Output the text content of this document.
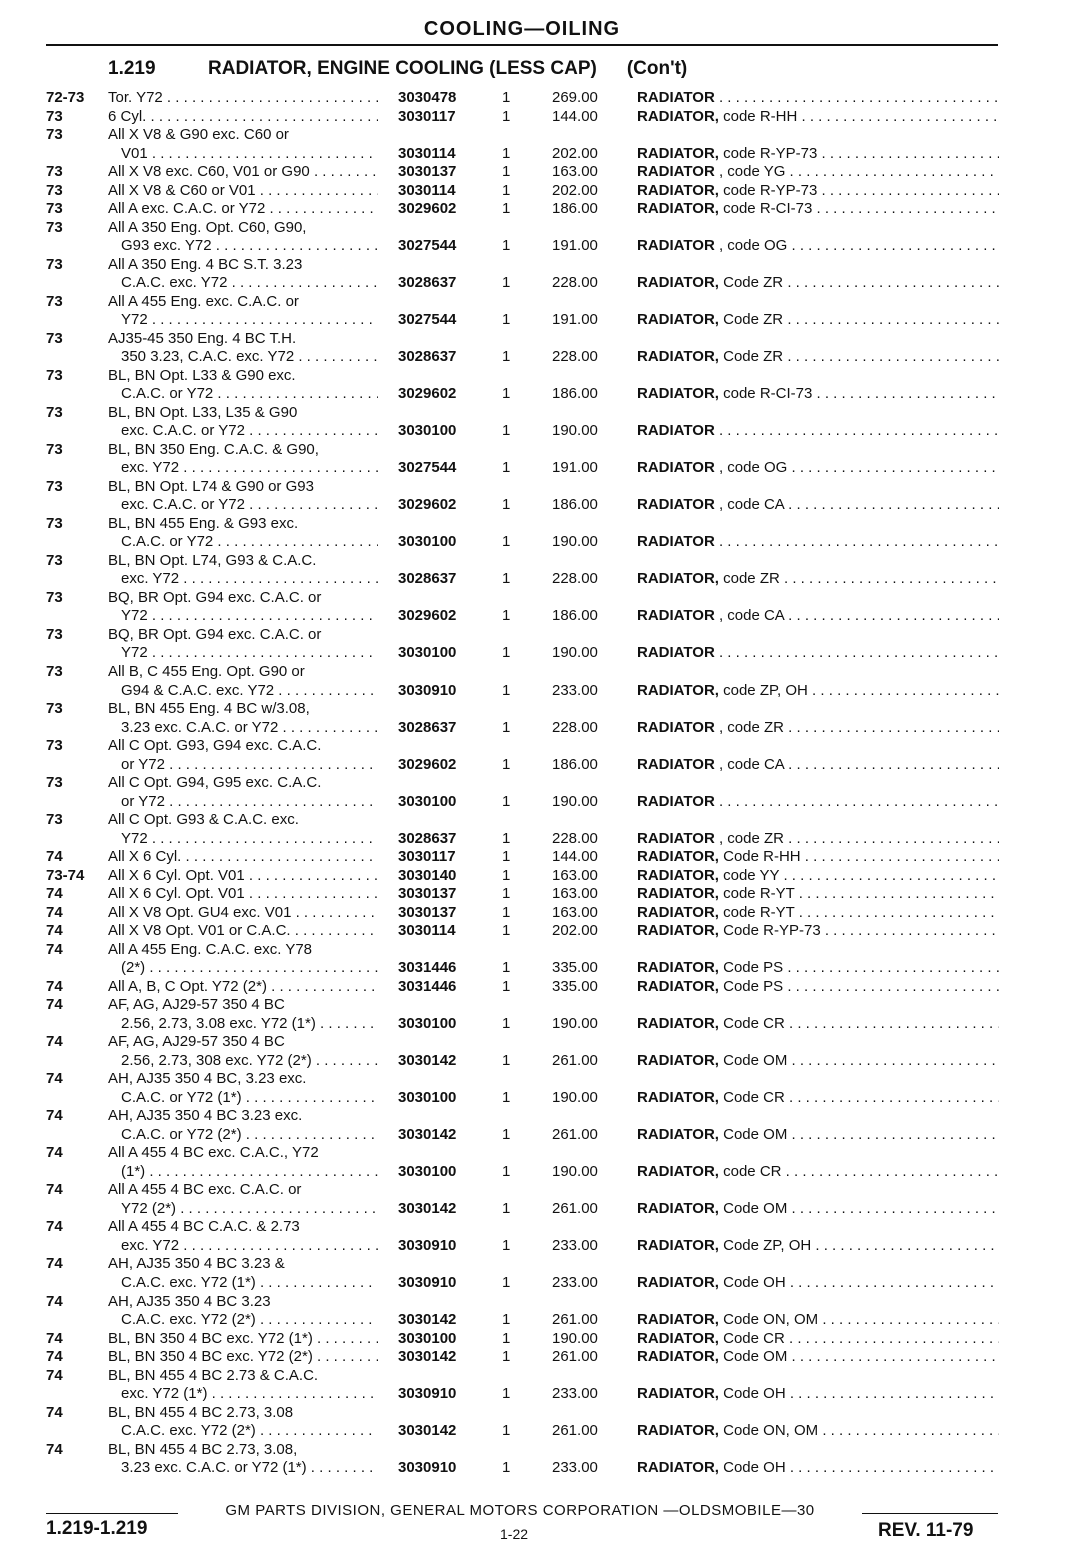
COOLING—OILING
1.219	RADIATOR, ENGINE COOLING (LESS CAP) (Con't)
72-73 Tor. Y72 . . .	3030478	1	269.00	RADIATOR . . .
73	6 Cyl. . . .	3030117	1	144.00	RADIATOR, code R-HH . . .
73	All X V8 & G90 exc. C60 or
V01 . . .	3030114	1	202.00	RADIATOR, code R-YP-73 . . .
73	All X V8 exc. C60, V01 or G90 . . .	3030137	1	163.00	RADIATOR , code YG . . .
73	All X V8 & C60 or V01 . . .	3030114	1	202.00	RADIATOR, code R-YP-73 . . .
73	All A exc. C.A.C. or Y72 . . .	3029602	1	186.00	RADIATOR, code R-CI-73 . . .
73	All A 350 Eng. Opt. C60, G90,
G93 exc. Y72 . . .	3027544	1	191.00	RADIATOR , code OG . . .
73	All A 350 Eng. 4 BC S.T. 3.23
C.A.C. exc. Y72 . . .	3028637	1	228.00	RADIATOR, Code ZR . . .
73	All A 455 Eng. exc. C.A.C. or
Y72 . . .	3027544	1	191.00	RADIATOR, Code ZR . . .
73	AJ35-45 350 Eng. 4 BC T.H.
350 3.23, C.A.C. exc. Y72 . . .	3028637	1	228.00	RADIATOR, Code ZR . . .
73	BL, BN Opt. L33 & G90 exc.
C.A.C. or Y72 . . .	3029602	1	186.00	RADIATOR, code R-CI-73 . . .
73	BL, BN Opt. L33, L35 & G90
exc. C.A.C. or Y72 . . .	3030100	1	190.00	RADIATOR . . .
73	BL, BN 350 Eng. C.A.C. & G90,
exc. Y72 . . .	3027544	1	191.00	RADIATOR , code OG . . .
73	BL, BN Opt. L74 & G90 or G93
exc. C.A.C. or Y72 . . .	3029602	1	186.00	RADIATOR , code CA . . .
73	BL, BN 455 Eng. & G93 exc.
C.A.C. or Y72 . . .	3030100	1	190.00	RADIATOR . . .
73	BL, BN Opt. L74, G93 & C.A.C.
exc. Y72 . . .	3028637	1	228.00	RADIATOR, code ZR . . .
73	BQ, BR Opt. G94 exc. C.A.C. or
Y72 . . .	3029602	1	186.00	RADIATOR , code CA . . .
73	BQ, BR Opt. G94 exc. C.A.C. or
Y72 . . .	3030100	1	190.00	RADIATOR . . .
73	All B, C 455 Eng. Opt. G90 or
G94 & C.A.C. exc. Y72 . . .	3030910	1	233.00	RADIATOR, code ZP, OH . . .
73	BL, BN 455 Eng. 4 BC w/3.08,
3.23 exc. C.A.C. or Y72 . . .	3028637	1	228.00	RADIATOR , code ZR . . .
73	All C Opt. G93, G94 exc. C.A.C.
or Y72 . . .	3029602	1	186.00	RADIATOR , code CA . . .
73	All C Opt. G94, G95 exc. C.A.C.
or Y72 . . .	3030100	1	190.00	RADIATOR . . .
73	All C Opt. G93 & C.A.C. exc.
Y72 . . .	3028637	1	228.00	RADIATOR , code ZR . . .
74	All X 6 Cyl. . . .	3030117	1	144.00	RADIATOR, Code R-HH . . .
73-74 All X 6 Cyl. Opt. V01 . . .	3030140	1	163.00	RADIATOR, code YY . . .
74	All X 6 Cyl. Opt. V01 . . .	3030137	1	163.00	RADIATOR, code R-YT . . .
74	All X V8 Opt. GU4 exc. V01 . . .	3030137	1	163.00	RADIATOR, code R-YT . . .
74	All X V8 Opt. V01 or C.A.C. . . .	3030114	1	202.00	RADIATOR, Code R-YP-73 . . .
74	All A 455 Eng. C.A.C. exc. Y78
(2*) . . .	3031446	1	335.00	RADIATOR, Code PS . . .
74	All A, B, C Opt. Y72 (2*) . . .	3031446	1	335.00	RADIATOR, Code PS . . .
74	AF, AG, AJ29-57 350 4 BC
2.56, 2.73, 3.08 exc. Y72 (1*) . . .	3030100	1	190.00	RADIATOR, Code CR . . .
74	AF, AG, AJ29-57 350 4 BC
2.56, 2.73, 308 exc. Y72 (2*) . . .	3030142	1	261.00	RADIATOR, Code OM . . .
74	AH, AJ35 350 4 BC, 3.23 exc.
C.A.C. or Y72 (1*) . . .	3030100	1	190.00	RADIATOR, Code CR . . .
74	AH, AJ35 350 4 BC 3.23 exc.
C.A.C. or Y72 (2*) . . .	3030142	1	261.00	RADIATOR, Code OM . . .
74	All A 455 4 BC exc. C.A.C., Y72
(1*) . . .	3030100	1	190.00	RADIATOR, code CR . . .
74	All A 455 4 BC exc. C.A.C. or
Y72 (2*) . . .	3030142	1	261.00	RADIATOR, Code OM . . .
74	All A 455 4 BC C.A.C. & 2.73
exc. Y72 . . .	3030910	1	233.00	RADIATOR, Code ZP, OH . . .
74	AH, AJ35 350 4 BC 3.23 &
C.A.C. exc. Y72 (1*) . . .	3030910	1	233.00	RADIATOR, Code OH . . .
74	AH, AJ35 350 4 BC 3.23
C.A.C. exc. Y72 (2*) . . .	3030142	1	261.00	RADIATOR, Code ON, OM . . .
74	BL, BN 350 4 BC exc. Y72 (1*) . . .	3030100	1	190.00	RADIATOR, Code CR . . .
74	BL, BN 350 4 BC exc. Y72 (2*) . . .	3030142	1	261.00	RADIATOR, Code OM . . .
74	BL, BN 455 4 BC 2.73 & C.A.C.
exc. Y72 (1*) . . .	3030910	1	233.00	RADIATOR, Code OH . . .
74	BL, BN 455 4 BC 2.73, 3.08
C.A.C. exc. Y72 (2*) . . .	3030142	1	261.00	RADIATOR, Code ON, OM . . .
74	BL, BN 455 4 BC 2.73, 3.08,
3.23 exc. C.A.C. or Y72 (1*) . . .	3030910	1	233.00	RADIATOR, Code OH . . .
GM PARTS DIVISION, GENERAL MOTORS CORPORATION —OLDSMOBILE—30
1.219-1.219	1-22	REV. 11-79
